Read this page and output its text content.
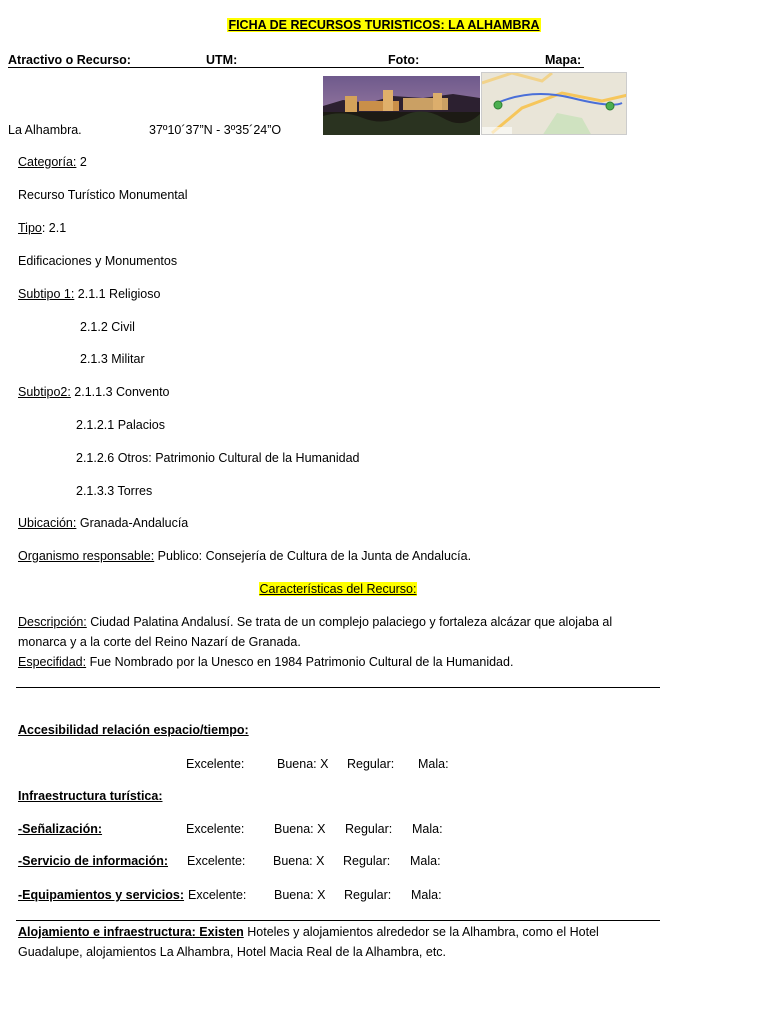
FICHA DE RECURSOS TURISTICOS: LA ALHAMBRA
Atractivo o Recurso:	UTM:	Foto:	Mapa:
La Alhambra.	37º10´37”N - 3º35´24”O
Categoría: 2
Recurso Turístico Monumental
Tipo: 2.1
Edificaciones y Monumentos
Subtipo 1: 2.1.1 Religioso
2.1.2 Civil
2.1.3 Militar
Subtipo2: 2.1.1.3 Convento
2.1.2.1 Palacios
2.1.2.6 Otros: Patrimonio Cultural de la Humanidad
2.1.3.3 Torres
Ubicación: Granada-Andalucía
Organismo responsable: Publico: Consejería de Cultura de la Junta de Andalucía.
Características del Recurso:
Descripción: Ciudad Palatina Andalusí. Se trata de un complejo palaciego y fortaleza alcázar que alojaba al monarca y a la corte del Reino Nazarí de Granada.
Especifidad: Fue Nombrado por la Unesco en 1984 Patrimonio Cultural de la Humanidad.
Accesibilidad relación espacio/tiempo:
Excelente:	Buena: X Regular: Mala:
Infraestructura turística:
-Señalización:	Excelente: Buena: X Regular: Mala:
-Servicio de información: Excelente: Buena: X Regular: Mala:
-Equipamientos y servicios: Excelente: Buena: X Regular: Mala:
Alojamiento e infraestructura: Existen Hoteles y alojamientos alrededor se la Alhambra, como el Hotel Guadalupe, alojamientos La Alhambra, Hotel Macia Real de la Alhambra, etc.
